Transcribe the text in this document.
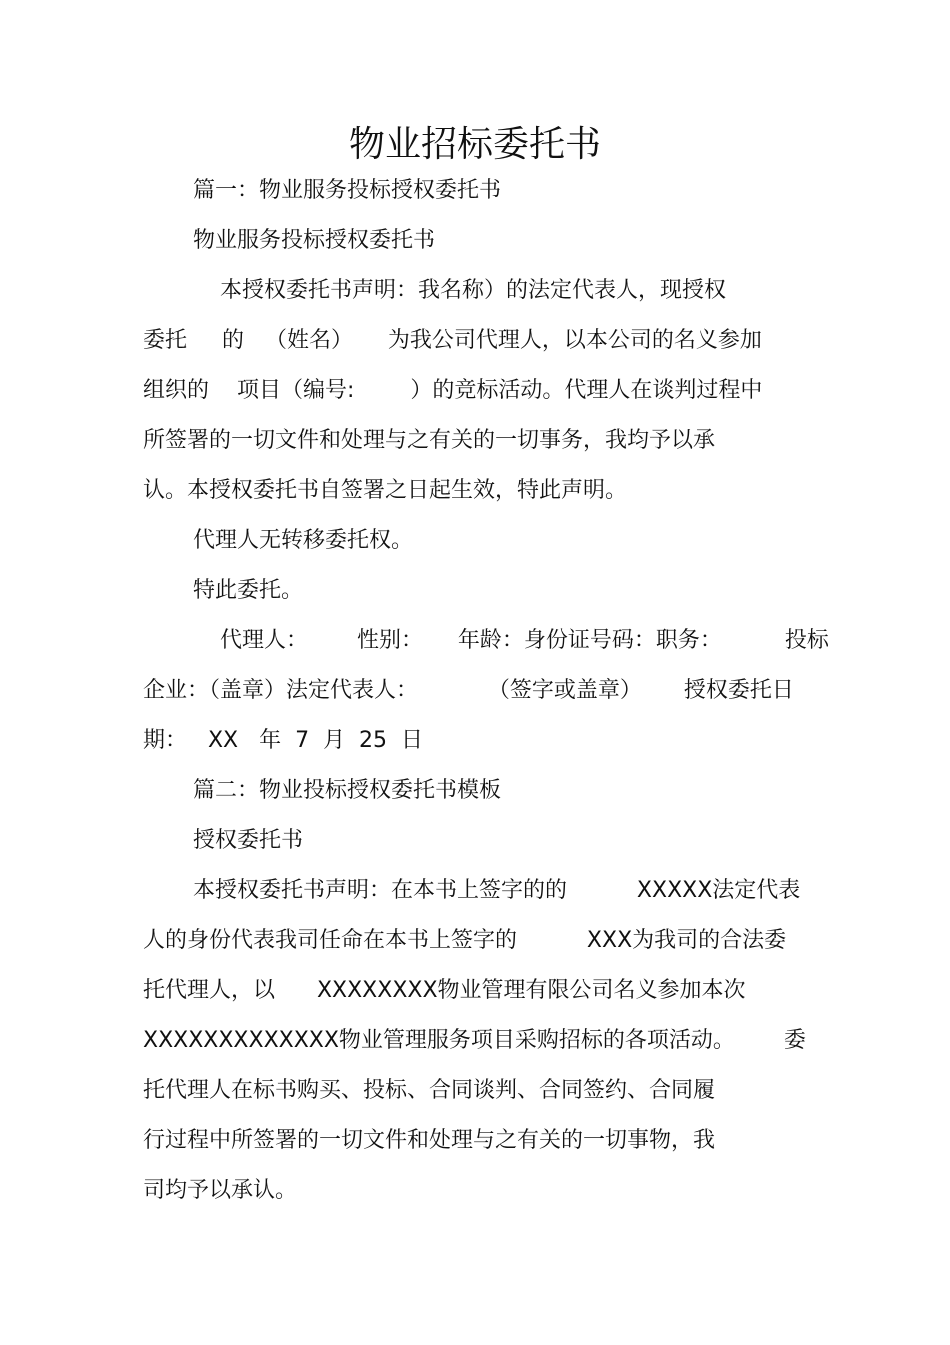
物业招标委托书
篇一：物业服务投标授权委托书
物业服务投标授权委托书
本授权委托书声明：我名称）的法定代表人，现授权
委托     的   （姓名）     为我公司代理人，以本公司的名义参加
组织的    项目（编号:        ）的竞标活动。代理人在谈判过程中
所签署的一切文件和处理与之有关的一切事务，我均予以承
认。本授权委托书自签署之日起生效，特此声明。
代理人无转移委托权。
特此委托。
代理人：       性别：     年龄：身份证号码：职务：         投标
企业：（盖章）法定代表人：          （签字或盖章）      授权委托日
期：   XX   年  7  月  25  日
篇二：物业投标授权委托书模板
授权委托书
本授权委托书声明：在本书上签字的的          XXXXX法定代表
人的身份代表我司任命在本书上签字的          XXX为我司的合法委
托代理人，以      XXXXXXXX物业管理有限公司名义参加本次
XXXXXXXXXXXXX物业管理服务项目采购招标的各项活动。       委
托代理人在标书购买、投标、合同谈判、合同签约、合同履
行过程中所签署的一切文件和处理与之有关的一切事物，我
司均予以承认。
